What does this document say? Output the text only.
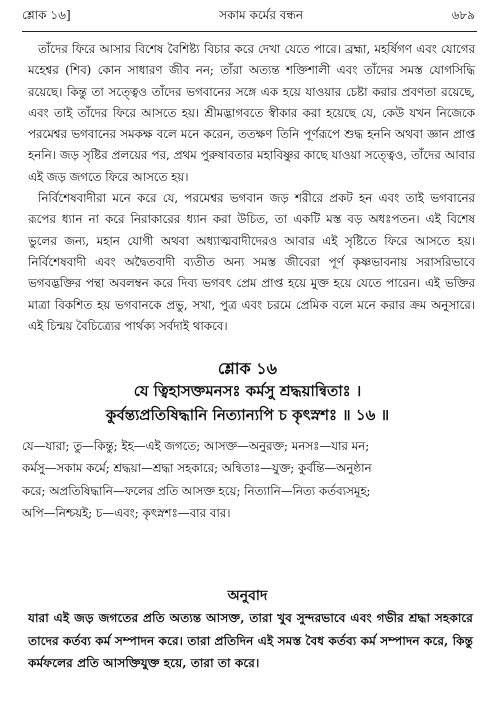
শ্লোক ১৬]	সকাম কর্মের বন্ধন	৬৮৯

তাঁদের ফিরে আসার বিশেষ বৈশিষ্ট্য বিচার করে দেখা যেতে পারে। ব্রহ্মা, মহর্ষিগণ এবং যোগের মহেশ্বর (শিব) কোন সাধারণ জীব নন; তাঁরা অত্যন্ত শক্তিশালী এবং তাঁদের সমস্ত যোগসিদ্ধি রয়েছে। কিন্তু তা সত্ত্বেও তাঁদের ভগবানের সঙ্গে এক হয়ে যাওয়ার চেষ্টা করার প্রবণতা রয়েছে, এবং তাই তাঁদের ফিরে আসতে হয়। শ্রীমদ্ভাগবতে স্বীকার করা হয়েছে যে, কেউ যখন নিজেকে পরমেশ্বর ভগবানের সমকক্ষ বলে মনে করেন, ততক্ষণ তিনি পূর্ণরূপে শুদ্ধ হননি অথবা জ্ঞান প্রাপ্ত হননি। জড় সৃষ্টির প্রলয়ের পর, প্রথম পুরুষাবতার মহাবিষ্ণুর কাছে যাওয়া সত্ত্বেও, তাঁদের আবার এই জড় জগতে ফিরে আসতে হয়।

নির্বিশেষবাদীরা মনে করে যে, পরমেশ্বর ভগবান জড় শরীরে প্রকট হন এবং তাই ভগবানের রূপের ধ্যান না করে নিরাকারের ধ্যান করা উচিত, তা একটি মস্ত বড় অধঃপতন। এই বিশেষ ভুলের জন্য, মহান যোগী অথবা অধ্যাত্মবাদীদেরও আবার এই সৃষ্টিতে ফিরে আসতে হয়। নির্বিশেষবাদী এবং অদ্বৈতবাদী ব্যতীত অন্য সমস্ত জীবেরা পূর্ণ কৃষ্ণভাবনায় সরাসরিভাবে ভগবদ্ভক্তির পন্থা অবলম্বন করে দিব্য ভগবৎ প্রেম প্রাপ্ত হয়ে মুক্ত হয়ে যেতে পারেন। এই ভক্তির মাত্রা বিকশিত হয় ভগবানকে প্রভু, সখা, পুত্র এবং চরমে প্রেমিক বলে মনে করার ক্রম অনুসারে। এই চিন্ময় বৈচিত্র্যের পার্থক্য সর্বদাই থাকবে।

শ্লোক ১৬
যে ত্বিহাসক্তমনসঃ কর্মসু শ্রদ্ধয়ান্বিতাঃ ।
কুর্বন্ত্যপ্রতিষিদ্ধানি নিত্যান্যপি চ কৃৎস্নশঃ ॥ ১৬ ॥
যে—যারা; তু—কিন্তু; ইহ—এই জগতে; আসক্ত—অনুরক্ত; মনসঃ—যার মন;
কর্মসু—সকাম কর্মে; শ্রদ্ধয়া—শ্রদ্ধা সহকারে; অন্বিতাঃ—যুক্ত; কুর্বন্তি—অনুষ্ঠান
করে; অপ্রতিষিদ্ধানি—ফলের প্রতি আসক্ত হয়ে; নিত্যানি—নিত্য কর্তব্যসমূহ;
অপি—নিশ্চয়ই; চ—এবং; কৃৎস্নশঃ—বার বার।
অনুবাদ

যারা এই জড় জগতের প্রতি অত্যন্ত আসক্ত, তারা খুব সুন্দরভাবে এবং গভীর শ্রদ্ধা সহকারে তাদের কর্তব্য কর্ম সম্পাদন করে। তারা প্রতিদিন এই সমস্ত বৈধ কর্তব্য কর্ম সম্পাদন করে, কিন্তু কর্মফলের প্রতি আসক্তিযুক্ত হয়ে, তারা তা করে।
